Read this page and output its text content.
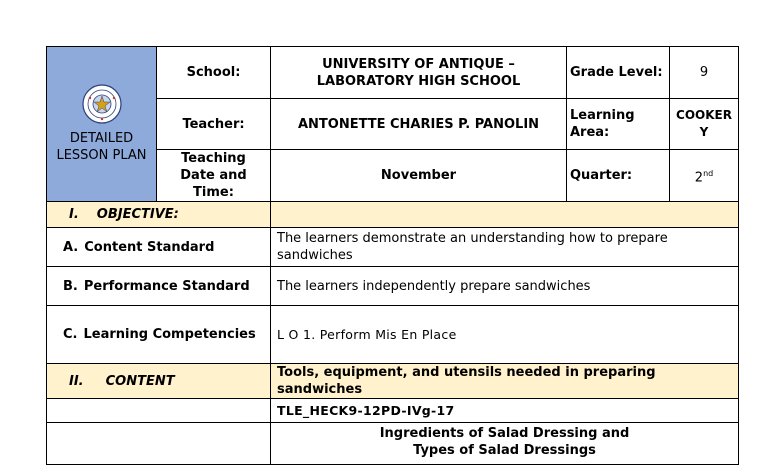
DETAILED LESSON PLAN	School:	UNIVERSITY OF ANTIQUE – LABORATORY HIGH SCHOOL	Grade Level:	9
	Teacher:	ANTONETTE CHARIES P. PANOLIN	Learning Area:	COOKERY
	Teaching Date and Time:	November	Quarter:	2nd
I. OBJECTIVE:				
A. Content Standard		The learners demonstrate an understanding how to prepare sandwiches		
B. Performance Standard		The learners independently prepare sandwiches		
C. Learning Competencies		L O 1. Perform Mis En Place		
II. CONTENT		Tools, equipment, and utensils needed in preparing sandwiches		
		TLE_HECK9-12PD-IVg-17		

		Ingredients of Salad Dressing and
Types of Salad Dressings		
